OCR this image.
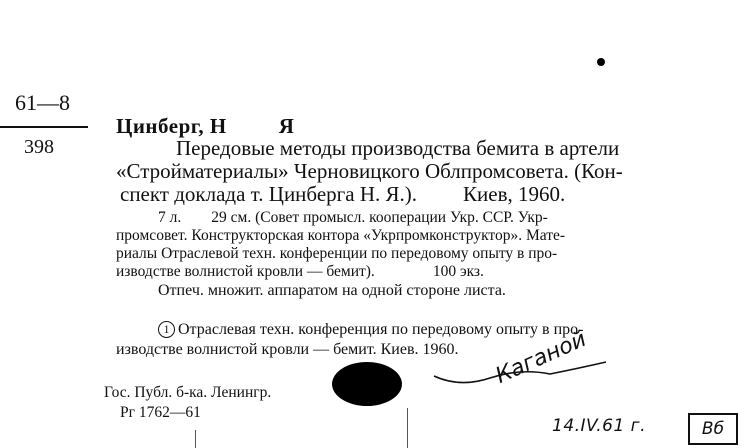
61—8
398
Цинберг, Н Я
Передовые методы производства бемита в артели
«Стройматериалы» Черновицкого Облпромсовета. (Кон-
спект доклада т. Цинберга Н. Я.). Киев, 1960.
7 л. 29 см. (Совет промысл. кооперации Укр. ССР. Укр-
промсовет. Конструкторская контора «Укрпромконструктор». Мате-
риалы Отраслевой техн. конференции по передовому опыту в про-
изводстве волнистой кровли — бемит).	100 экз.
Отпеч. множит. аппаратом на одной стороне листа.
1 Отраслевая техн. конференция по передовому опыту в про-
изводстве волнистой кровли — бемит. Киев. 1960.	Каганой
Гос. Публ. б-ка. Ленингр.
Рг 1762—61
14.IV.61 г.	Вб
